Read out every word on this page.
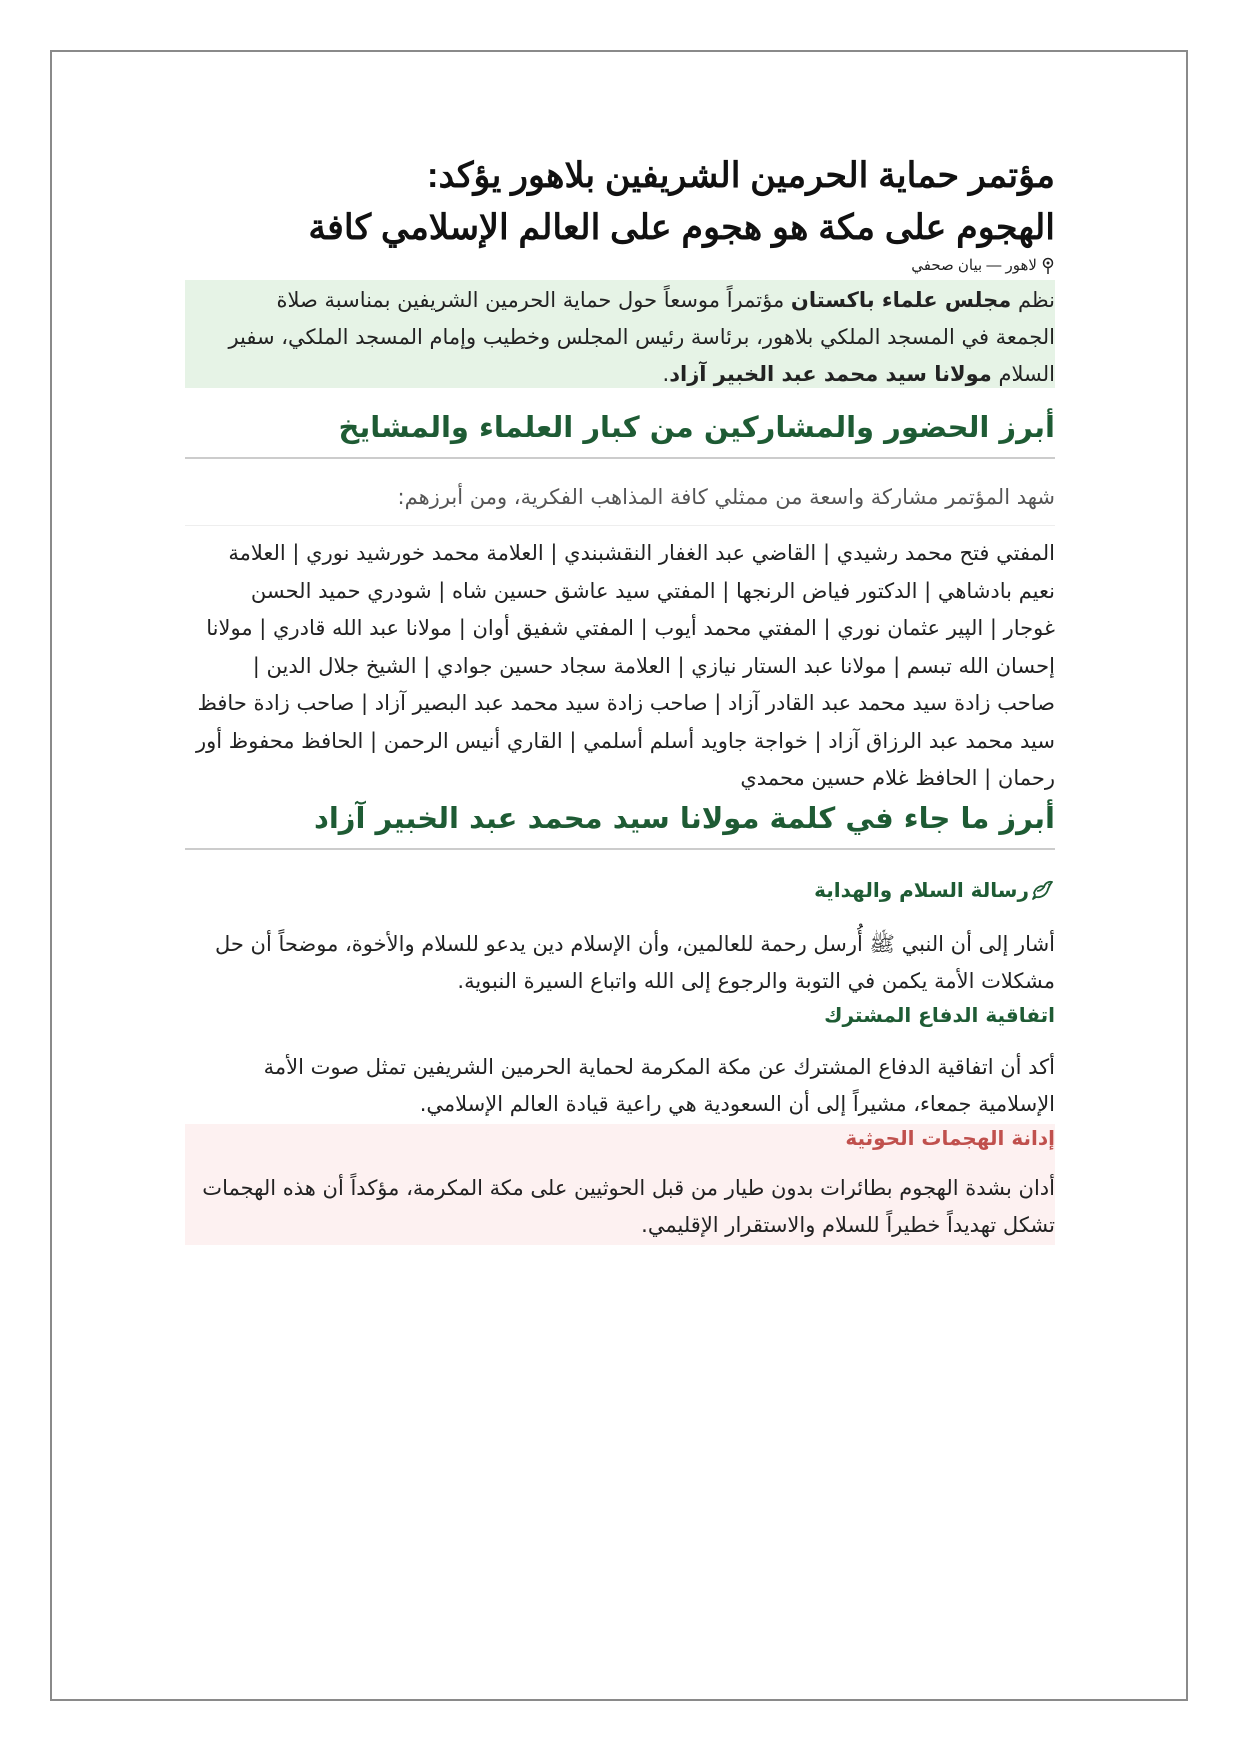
مؤتمر حماية الحرمين الشريفين بلاهور يؤكد:
الهجوم على مكة هو هجوم على العالم الإسلامي كافة
لاهور — بيان صحفي
نظم مجلس علماء باكستان مؤتمراً موسعاً حول حماية الحرمين الشريفين بمناسبة صلاة الجمعة في المسجد الملكي بلاهور، برئاسة رئيس المجلس وخطيب وإمام المسجد الملكي، سفير السلام مولانا سيد محمد عبد الخبير آزاد.
أبرز الحضور والمشاركين من كبار العلماء والمشايخ
شهد المؤتمر مشاركة واسعة من ممثلي كافة المذاهب الفكرية، ومن أبرزهم:
المفتي فتح محمد رشيدي | القاضي عبد الغفار النقشبندي | العلامة محمد خورشيد نوري | العلامة نعيم بادشاهي | الدكتور فياض الرنجها | المفتي سيد عاشق حسين شاه | شودري حميد الحسن غوجار | الپير عثمان نوري | المفتي محمد أيوب | المفتي شفيق أوان | مولانا عبد الله قادري | مولانا إحسان الله تبسم | مولانا عبد الستار نيازي | العلامة سجاد حسين جوادي | الشيخ جلال الدين | صاحب زادة سيد محمد عبد القادر آزاد | صاحب زادة سيد محمد عبد البصير آزاد | صاحب زادة حافظ سيد محمد عبد الرزاق آزاد | خواجة جاويد أسلم أسلمي | القاري أنيس الرحمن | الحافظ محفوظ أور رحمان | الحافظ غلام حسين محمدي
أبرز ما جاء في كلمة مولانا سيد محمد عبد الخبير آزاد
رسالة السلام والهداية

أشار إلى أن النبي ﷺ أُرسل رحمة للعالمين، وأن الإسلام دين يدعو للسلام والأخوة، موضحاً أن حل مشكلات الأمة يكمن في التوبة والرجوع إلى الله واتباع السيرة النبوية.

اتفاقية الدفاع المشترك

أكد أن اتفاقية الدفاع المشترك عن مكة المكرمة لحماية الحرمين الشريفين تمثل صوت الأمة الإسلامية جمعاء، مشيراً إلى أن السعودية هي راعية قيادة العالم الإسلامي.

إدانة الهجمات الحوثية

أدان بشدة الهجوم بطائرات بدون طيار من قبل الحوثيين على مكة المكرمة، مؤكداً أن هذه الهجمات تشكل تهديداً خطيراً للسلام والاستقرار الإقليمي.
